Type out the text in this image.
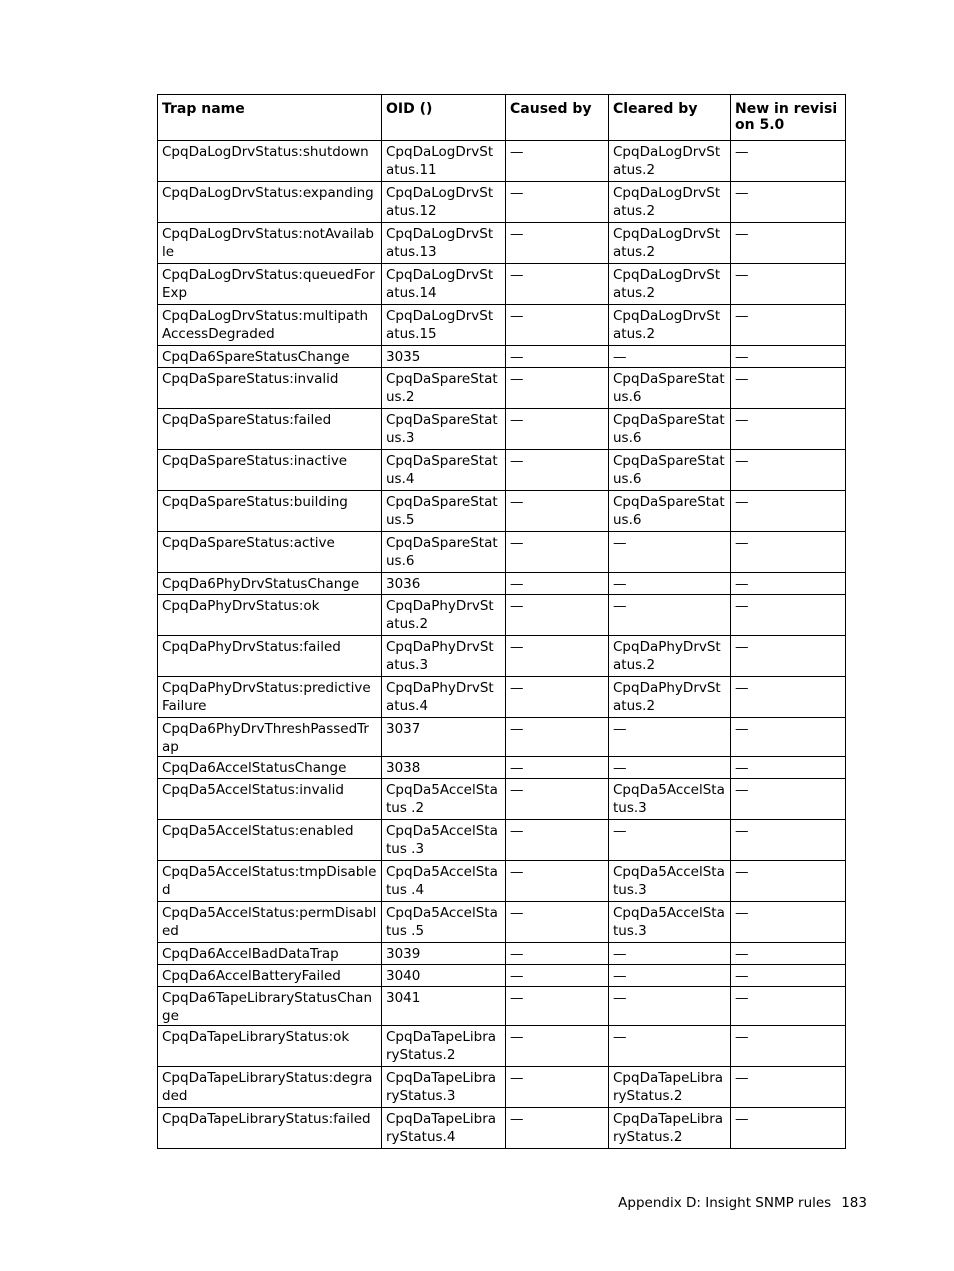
Trap name	OID ()	Caused by	Cleared by	New in revision 5.0
CpqDaLogDrvStatus:shutdown	CpqDaLogDrvStatus.11	—	CpqDaLogDrvStatus.2	—
CpqDaLogDrvStatus:expanding	CpqDaLogDrvStatus.12	—	CpqDaLogDrvStatus.2	—
CpqDaLogDrvStatus:notAvailable	CpqDaLogDrvStatus.13	—	CpqDaLogDrvStatus.2	—
CpqDaLogDrvStatus:queuedForExp	CpqDaLogDrvStatus.14	—	CpqDaLogDrvStatus.2	—
CpqDaLogDrvStatus:multipathAccessDegraded	CpqDaLogDrvStatus.15	—	CpqDaLogDrvStatus.2	—
CpqDa6SpareStatusChange	3035	—	—	—
CpqDaSpareStatus:invalid	CpqDaSpareStatus.2	—	CpqDaSpareStatus.6	—
CpqDaSpareStatus:failed	CpqDaSpareStatus.3	—	CpqDaSpareStatus.6	—
CpqDaSpareStatus:inactive	CpqDaSpareStatus.4	—	CpqDaSpareStatus.6	—
CpqDaSpareStatus:building	CpqDaSpareStatus.5	—	CpqDaSpareStatus.6	—
CpqDaSpareStatus:active	CpqDaSpareStatus.6	—	—	—
CpqDa6PhyDrvStatusChange	3036	—	—	—
CpqDaPhyDrvStatus:ok	CpqDaPhyDrvStatus.2	—	—	—
CpqDaPhyDrvStatus:failed	CpqDaPhyDrvStatus.3	—	CpqDaPhyDrvStatus.2	—
CpqDaPhyDrvStatus:predictiveFailure	CpqDaPhyDrvStatus.4	—	CpqDaPhyDrvStatus.2	—
CpqDa6PhyDrvThreshPassedTrap	3037	—	—	—
CpqDa6AccelStatusChange	3038	—	—	—
CpqDa5AccelStatus:invalid	CpqDa5AccelStatus .2	—	CpqDa5AccelStatus.3	—
CpqDa5AccelStatus:enabled	CpqDa5AccelStatus .3	—	—	—
CpqDa5AccelStatus:tmpDisabled	CpqDa5AccelStatus .4	—	CpqDa5AccelStatus.3	—
CpqDa5AccelStatus:permDisabled	CpqDa5AccelStatus .5	—	CpqDa5AccelStatus.3	—
CpqDa6AccelBadDataTrap	3039	—	—	—
CpqDa6AccelBatteryFailed	3040	—	—	—
CpqDa6TapeLibraryStatusChange	3041	—	—	—
CpqDaTapeLibraryStatus:ok	CpqDaTapeLibraryStatus.2	—	—	—
CpqDaTapeLibraryStatus:degraded	CpqDaTapeLibraryStatus.3	—	CpqDaTapeLibraryStatus.2	—
CpqDaTapeLibraryStatus:failed	CpqDaTapeLibraryStatus.4	—	CpqDaTapeLibraryStatus.2	—
Appendix D: Insight SNMP rules 183
